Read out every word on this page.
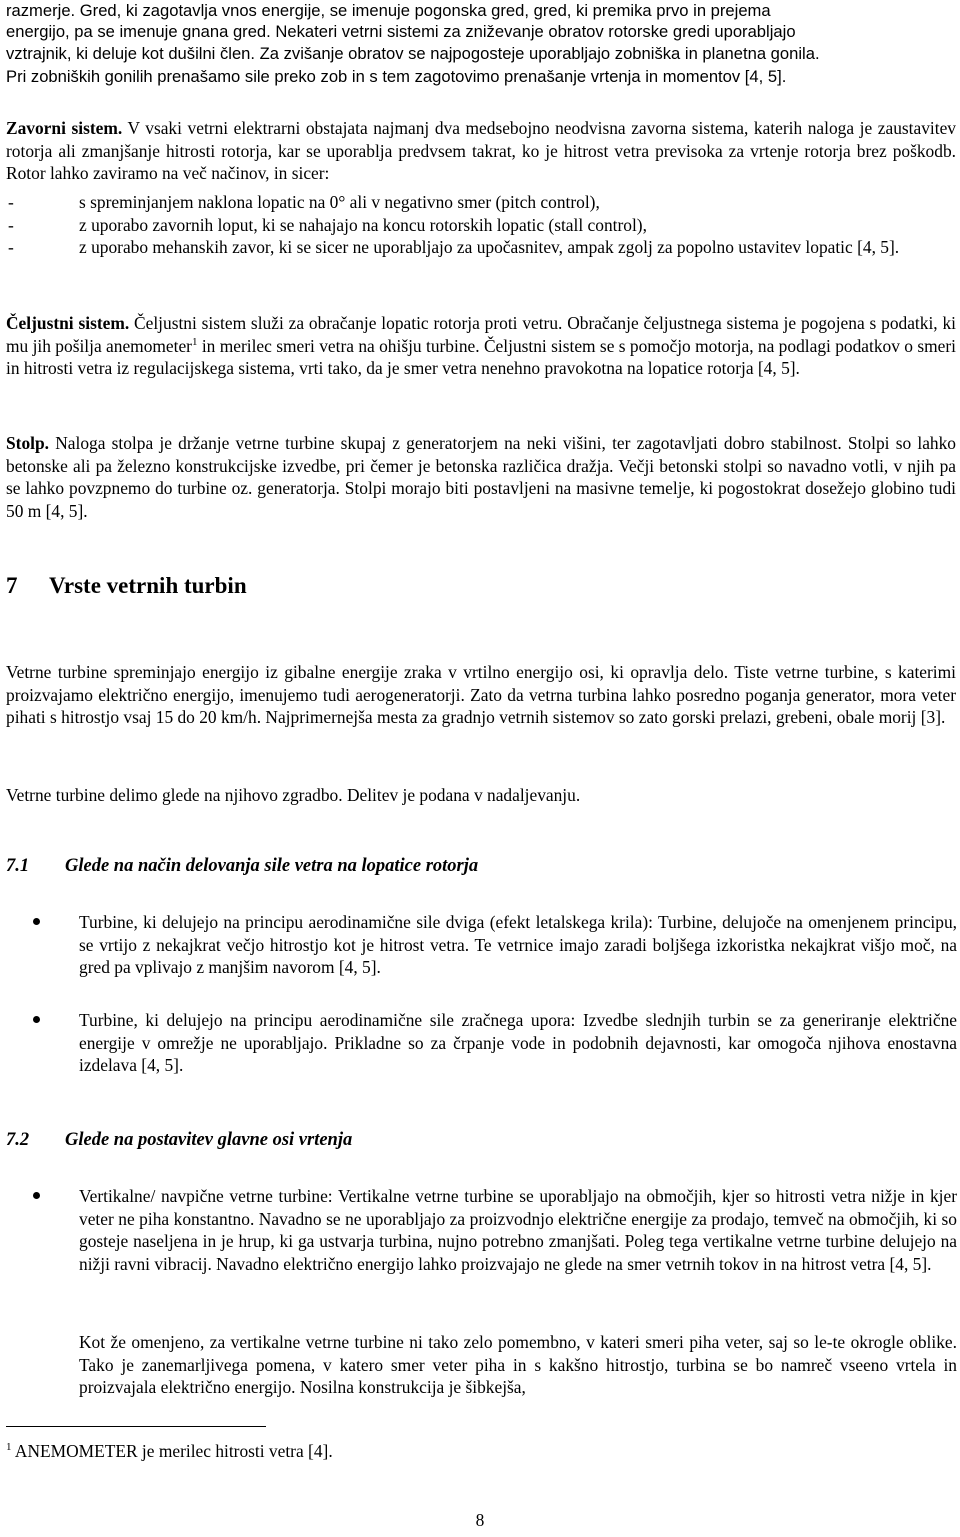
razmerje. Gred, ki zagotavlja vnos energije, se imenuje pogonska gred, gred, ki premika prvo in prejema
energijo, pa se imenuje gnana gred. Nekateri vetrni sistemi za zniževanje obratov rotorske gredi uporabljajo
vztrajnik, ki deluje kot dušilni člen. Za zvišanje obratov se najpogosteje uporabljajo zobniška in planetna gonila.
Pri zobniških gonilih prenašamo sile preko zob in s tem zagotovimo prenašanje vrtenja in momentov [4, 5].

Zavorni sistem. V vsaki vetrni elektrarni obstajata najmanj dva medsebojno neodvisna zavorna sistema, katerih naloga je zaustavitev rotorja ali zmanjšanje hitrosti rotorja, kar se uporablja predvsem takrat, ko je hitrost vetra previsoka za vrtenje rotorja brez poškodb. Rotor lahko zaviramo na več načinov, in sicer:

-	s spreminjanjem naklona lopatic na 0° ali v negativno smer (pitch control),
-	z uporabo zavornih loput, ki se nahajajo na koncu rotorskih lopatic (stall control),
-	z uporabo mehanskih zavor, ki se sicer ne uporabljajo za upočasnitev, ampak zgolj za popolno ustavitev lopatic [4, 5].

Čeljustni sistem. Čeljustni sistem služi za obračanje lopatic rotorja proti vetru. Obračanje čeljustnega sistema je pogojena s podatki, ki mu jih pošilja anemometer$^1$ in merilec smeri vetra na ohišju turbine. Čeljustni sistem se s pomočjo motorja, na podlagi podatkov o smeri in hitrosti vetra iz regulacijskega sistema, vrti tako, da je smer vetra nenehno pravokotna na lopatice rotorja [4, 5].

Stolp. Naloga stolpa je držanje vetrne turbine skupaj z generatorjem na neki višini, ter zagotavljati dobro stabilnost. Stolpi so lahko betonske ali pa železno konstrukcijske izvedbe, pri čemer je betonska različica dražja. Večji betonski stolpi so navadno votli, v njih pa se lahko povzpnemo do turbine oz. generatorja. Stolpi morajo biti postavljeni na masivne temelje, ki pogostokrat dosežejo globino tudi 50 m [4, 5].

7 Vrste vetrnih turbin

Vetrne turbine spreminjajo energijo iz gibalne energije zraka v vrtilno energijo osi, ki opravlja delo. Tiste vetrne turbine, s katerimi proizvajamo električno energijo, imenujemo tudi aerogeneratorji. Zato da vetrna turbina lahko posredno poganja generator, mora veter pihati s hitrostjo vsaj 15 do 20 km/h. Najprimernejša mesta za gradnjo vetrnih sistemov so zato gorski prelazi, grebeni, obale morij [3].

Vetrne turbine delimo glede na njihovo zgradbo. Delitev je podana v nadaljevanju.

7.1 Glede na način delovanja sile vetra na lopatice rotorja
Turbine, ki delujejo na principu aerodinamične sile dviga (efekt letalskega krila): Turbine, delujoče na omenjenem principu, se vrtijo z nekajkrat večjo hitrostjo kot je hitrost vetra. Te vetrnice imajo zaradi boljšega izkoristka nekajkrat višjo moč, na gred pa vplivajo z manjšim navorom [4, 5].
Turbine, ki delujejo na principu aerodinamične sile zračnega upora: Izvedbe slednjih turbin se za generiranje električne energije v omrežje ne uporabljajo. Prikladne so za črpanje vode in podobnih dejavnosti, kar omogoča njihova enostavna izdelava [4, 5].
7.2 Glede na postavitev glavne osi vrtenja
Vertikalne/ navpične vetrne turbine: Vertikalne vetrne turbine se uporabljajo na območjih, kjer so hitrosti vetra nižje in kjer veter ne piha konstantno. Navadno se ne uporabljajo za proizvodnjo električne energije za prodajo, temveč na območjih, ki so gosteje naseljena in je hrup, ki ga ustvarja turbina, nujno potrebno zmanjšati. Poleg tega vertikalne vetrne turbine delujejo na nižji ravni vibracij. Navadno električno energijo lahko proizvajajo ne glede na smer vetrnih tokov in na hitrost vetra [4, 5].

Kot že omenjeno, za vertikalne vetrne turbine ni tako zelo pomembno, v kateri smeri piha veter, saj so le-te okrogle oblike. Tako je zanemarljivega pomena, v katero smer veter piha in s kakšno hitrostjo, turbina se bo namreč vseeno vrtela in proizvajala električno energijo. Nosilna konstrukcija je šibkejša,

$^1$ ANEMOMETER je merilec hitrosti vetra [4].
8
